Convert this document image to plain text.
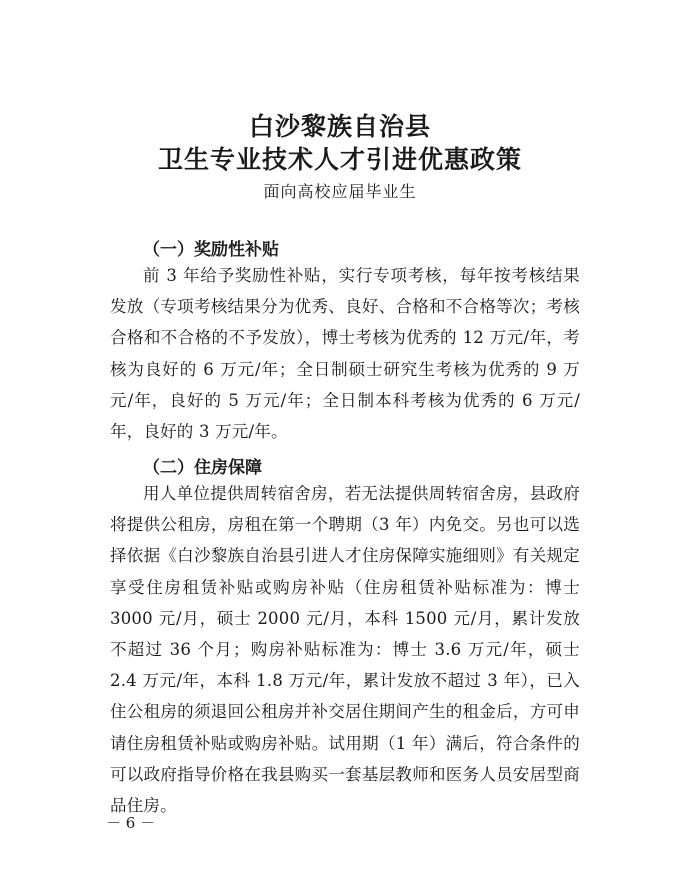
白沙黎族自治县
卫生专业技术人才引进优惠政策
面向高校应届毕业生
（一）奖励性补贴

前 3 年给予奖励性补贴，实行专项考核，每年按考核结果发放（专项考核结果分为优秀、良好、合格和不合格等次；考核合格和不合格的不予发放），博士考核为优秀的 12 万元/年，考核为良好的 6 万元/年；全日制硕士研究生考核为优秀的 9 万元/年，良好的 5 万元/年；全日制本科考核为优秀的 6 万元/年，良好的 3 万元/年。

（二）住房保障

用人单位提供周转宿舍房，若无法提供周转宿舍房，县政府将提供公租房，房租在第一个聘期（3 年）内免交。另也可以选择依据《白沙黎族自治县引进人才住房保障实施细则》有关规定享受住房租赁补贴或购房补贴（住房租赁补贴标准为：博士 3000 元/月，硕士 2000 元/月，本科 1500 元/月，累计发放不超过 36 个月；购房补贴标准为：博士 3.6 万元/年，硕士 2.4 万元/年，本科 1.8 万元/年，累计发放不超过 3 年），已入住公租房的须退回公租房并补交居住期间产生的租金后，方可申请住房租赁补贴或购房补贴。试用期（1 年）满后，符合条件的可以政府指导价格在我县购买一套基层教师和医务人员安居型商品住房。

－ 6 －
